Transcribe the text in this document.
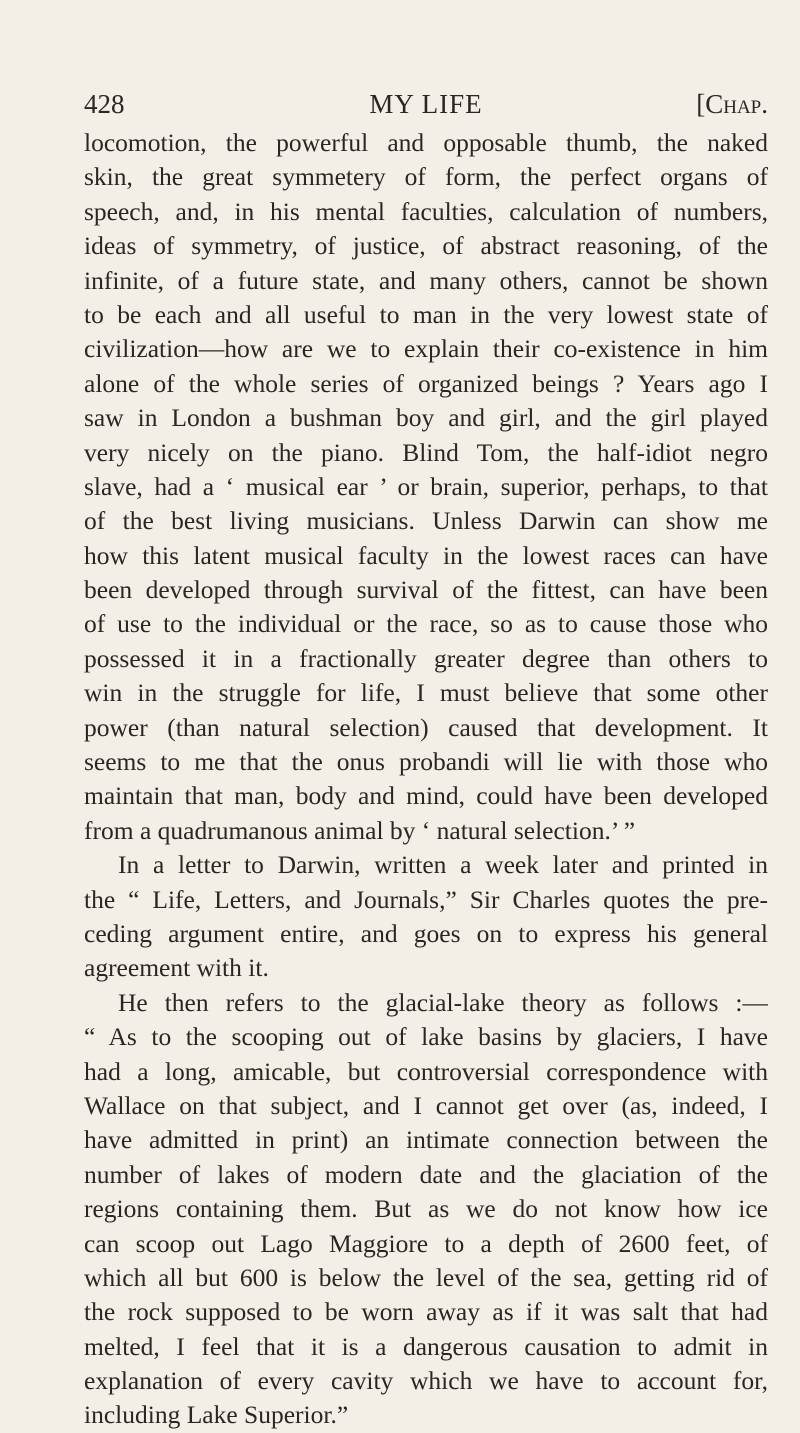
428	MY LIFE	[Chap.
locomotion, the powerful and opposable thumb, the naked
skin, the great symmetery of form, the perfect organs of
speech, and, in his mental faculties, calculation of numbers,
ideas of symmetry, of justice, of abstract reasoning, of the
infinite, of a future state, and many others, cannot be shown
to be each and all useful to man in the very lowest state of
civilization—how are we to explain their co-existence in him
alone of the whole series of organized beings ? Years ago I
saw in London a bushman boy and girl, and the girl played
very nicely on the piano. Blind Tom, the half-idiot negro
slave, had a ‘ musical ear ’ or brain, superior, perhaps, to that
of the best living musicians. Unless Darwin can show me
how this latent musical faculty in the lowest races can have
been developed through survival of the fittest, can have been
of use to the individual or the race, so as to cause those who
possessed it in a fractionally greater degree than others to
win in the struggle for life, I must believe that some other
power (than natural selection) caused that development. It
seems to me that the onus probandi will lie with those who
maintain that man, body and mind, could have been developed
from a quadrumanous animal by ‘ natural selection.’ ”
In a letter to Darwin, written a week later and printed in
the “ Life, Letters, and Journals,” Sir Charles quotes the pre-
ceding argument entire, and goes on to express his general
agreement with it.
He then refers to the glacial-lake theory as follows :—
“ As to the scooping out of lake basins by glaciers, I have
had a long, amicable, but controversial correspondence with
Wallace on that subject, and I cannot get over (as, indeed, I
have admitted in print) an intimate connection between the
number of lakes of modern date and the glaciation of the
regions containing them. But as we do not know how ice
can scoop out Lago Maggiore to a depth of 2600 feet, of
which all but 600 is below the level of the sea, getting rid of
the rock supposed to be worn away as if it was salt that had
melted, I feel that it is a dangerous causation to admit in
explanation of every cavity which we have to account for,
including Lake Superior.”
